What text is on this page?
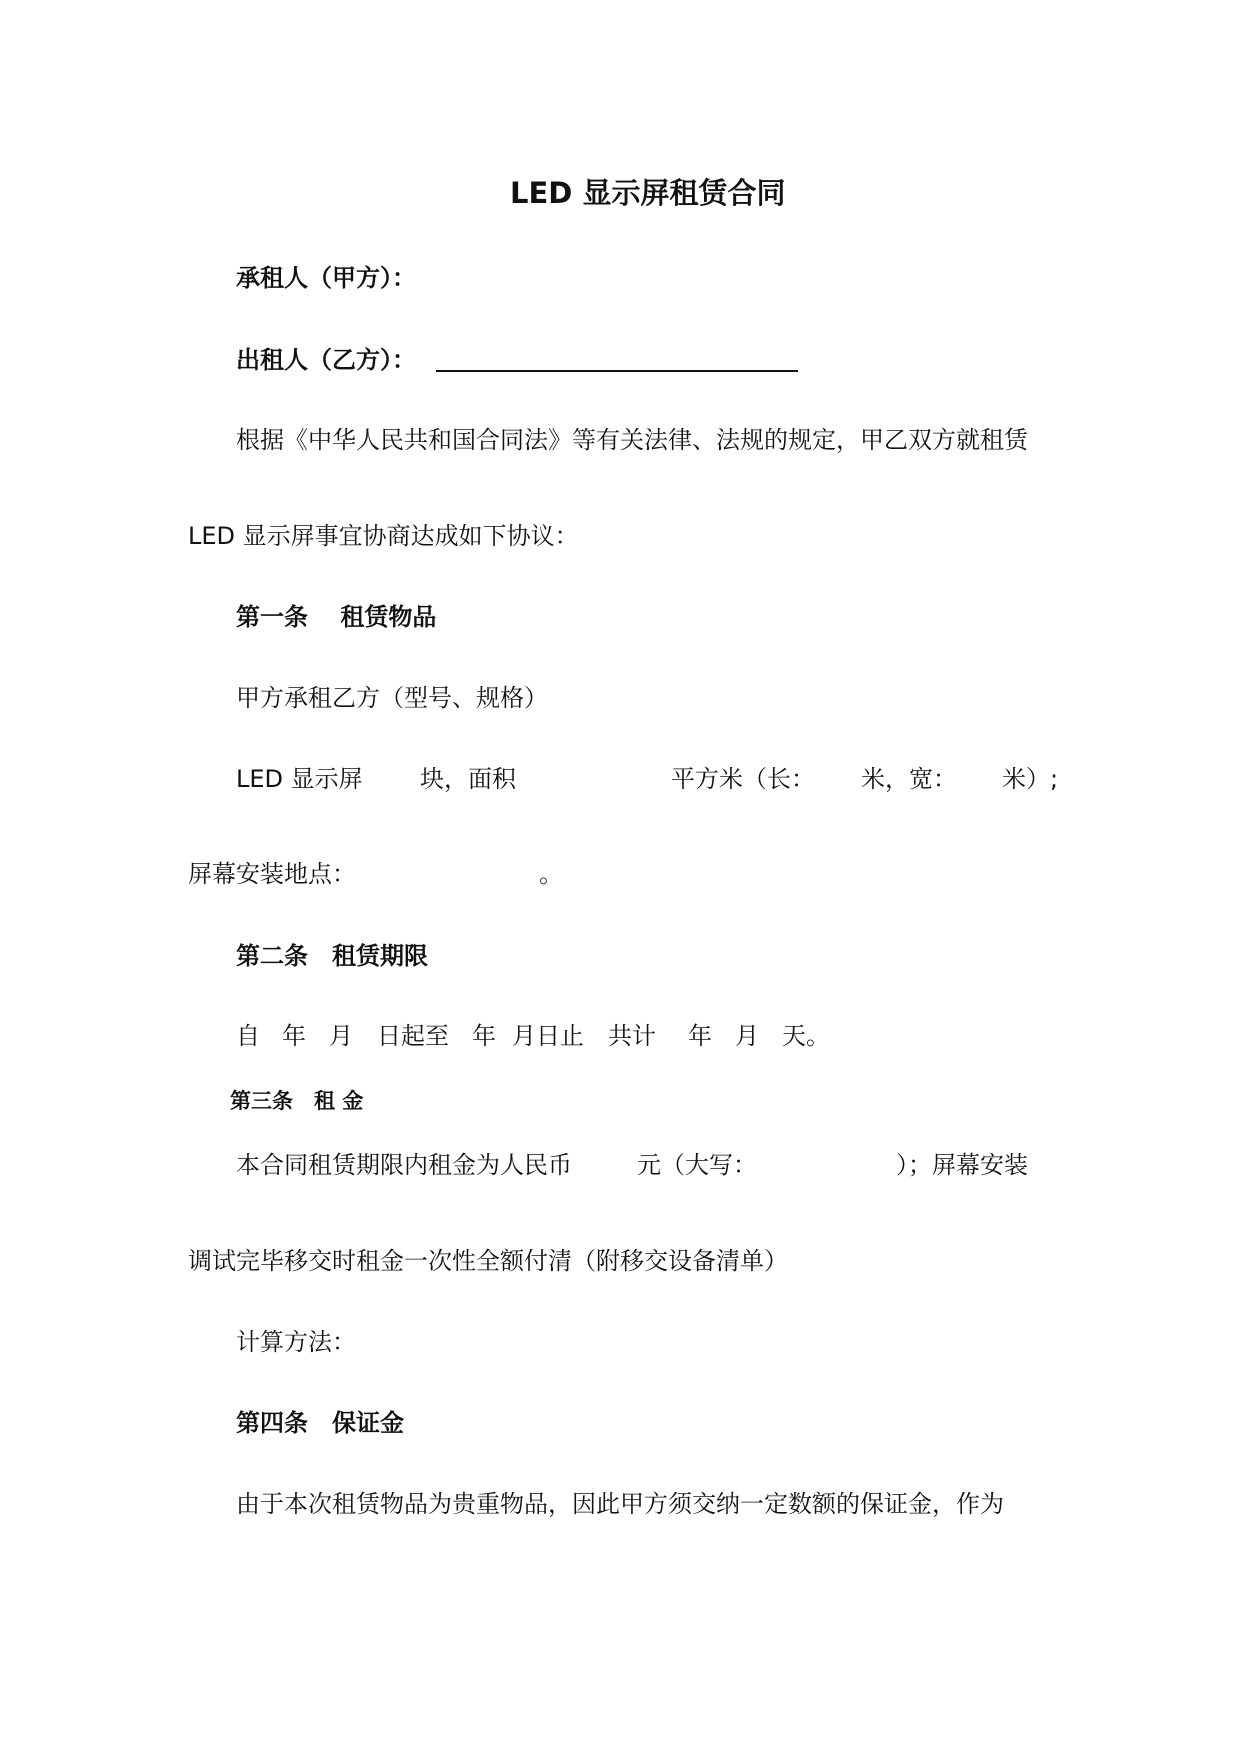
LED 显示屏租赁合同
承租人（甲方）：
出租人（乙方）：
根据《中华人民共和国合同法》等有关法律、法规的规定，甲乙双方就租赁
LED 显示屏事宜协商达成如下协议：
第一条　 租赁物品
甲方承租乙方（型号、规格）
LED 显示屏 块，面积	平方米（长： 米，宽： 米）;
屏幕安装地点：	。
第二条　租赁期限
自 年 月 日起至 年 月日止 共计 年 月 天。
第三条　租 金
本合同租赁期限内租金为人民币	元（大写：	）；屏幕安装
调试完毕移交时租金一次性全额付清（附移交设备清单）
计算方法：
第四条　保证金
由于本次租赁物品为贵重物品，因此甲方须交纳一定数额的保证金，作为
